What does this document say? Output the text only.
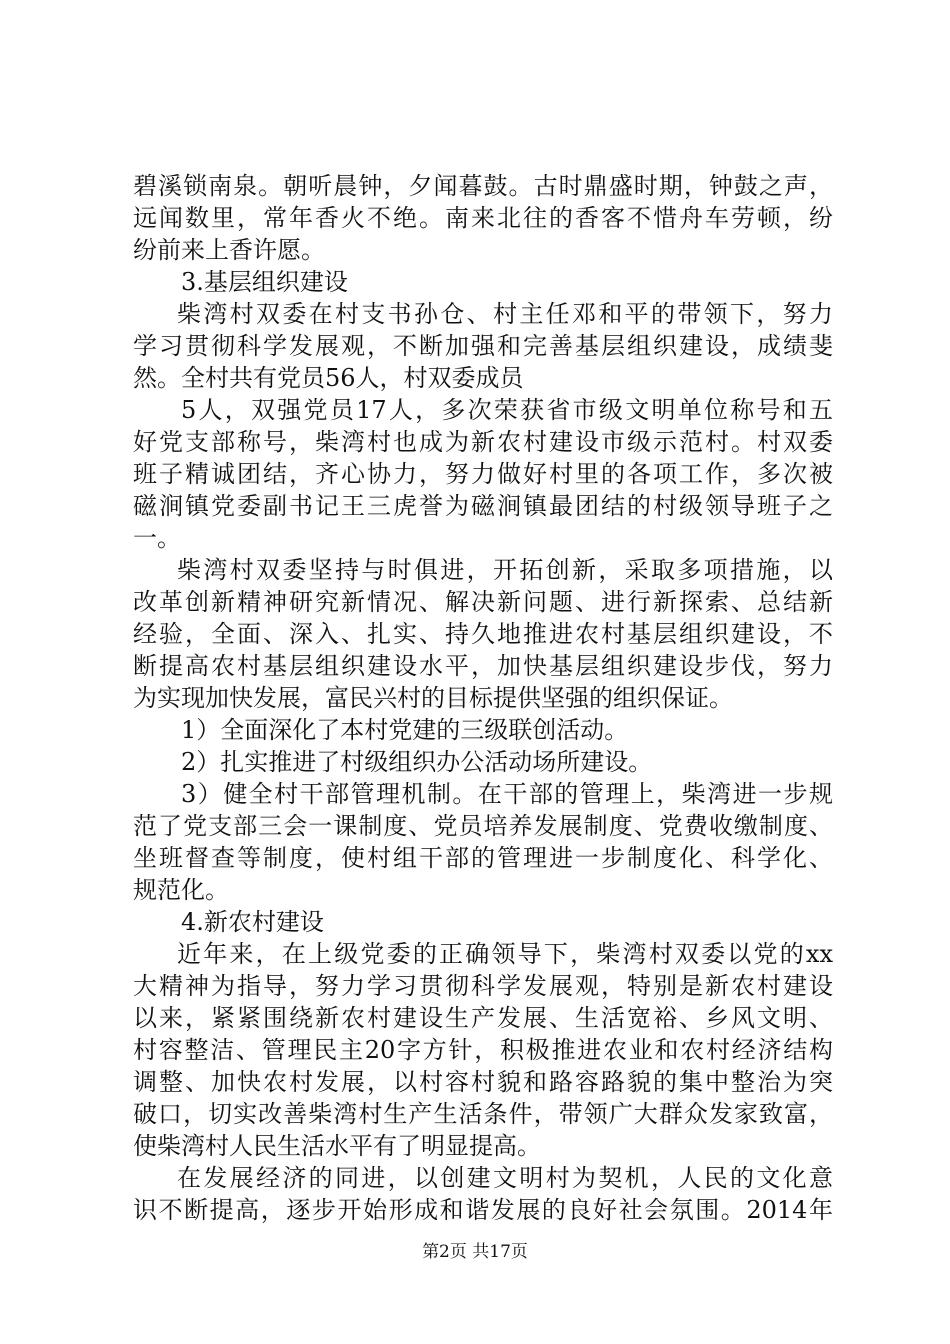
碧溪锁南泉。朝听晨钟，夕闻暮鼓。古时鼎盛时期，钟鼓之声，
远闻数里，常年香火不绝。南来北往的香客不惜舟车劳顿，纷
纷前来上香许愿。
3.基层组织建设
柴湾村双委在村支书孙仓、村主任邓和平的带领下，努力
学习贯彻科学发展观，不断加强和完善基层组织建设，成绩斐
然。全村共有党员56人，村双委成员
5人，双强党员17人，多次荣获省市级文明单位称号和五
好党支部称号，柴湾村也成为新农村建设市级示范村。村双委
班子精诚团结，齐心协力，努力做好村里的各项工作，多次被
磁涧镇党委副书记王三虎誉为磁涧镇最团结的村级领导班子之
一。
柴湾村双委坚持与时俱进，开拓创新，采取多项措施，以
改革创新精神研究新情况、解决新问题、进行新探索、总结新
经验，全面、深入、扎实、持久地推进农村基层组织建设，不
断提高农村基层组织建设水平，加快基层组织建设步伐，努力
为实现加快发展，富民兴村的目标提供坚强的组织保证。
1）全面深化了本村党建的三级联创活动。
2）扎实推进了村级组织办公活动场所建设。
3）健全村干部管理机制。在干部的管理上，柴湾进一步规
范了党支部三会一课制度、党员培养发展制度、党费收缴制度、
坐班督查等制度，使村组干部的管理进一步制度化、科学化、
规范化。
4.新农村建设
近年来，在上级党委的正确领导下，柴湾村双委以党的xx
大精神为指导，努力学习贯彻科学发展观，特别是新农村建设
以来，紧紧围绕新农村建设生产发展、生活宽裕、乡风文明、
村容整洁、管理民主20字方针，积极推进农业和农村经济结构
调整、加快农村发展，以村容村貌和路容路貌的集中整治为突
破口，切实改善柴湾村生产生活条件，带领广大群众发家致富，
使柴湾村人民生活水平有了明显提高。
在发展经济的同进，以创建文明村为契机，人民的文化意
识不断提高，逐步开始形成和谐发展的良好社会氛围。2014年
第2页 共17页
